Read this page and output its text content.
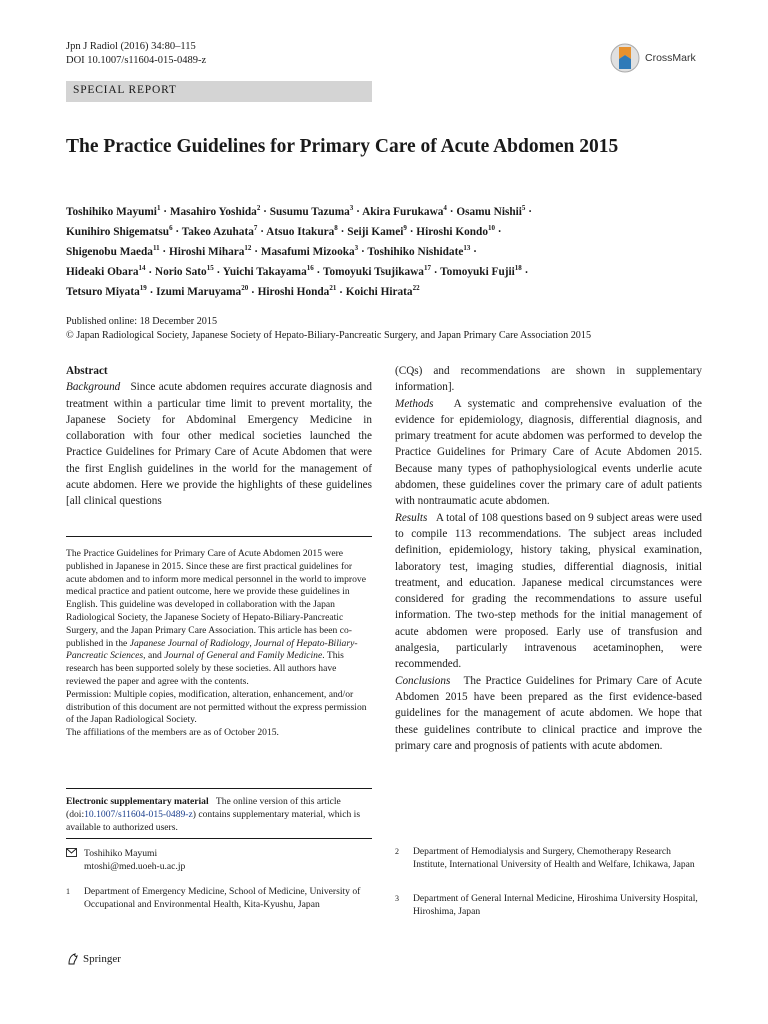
Jpn J Radiol (2016) 34:80–115
DOI 10.1007/s11604-015-0489-z	CrossMark
SPECIAL REPORT
The Practice Guidelines for Primary Care of Acute Abdomen 2015
Toshihiko Mayumi$^1$ · Masahiro Yoshida$^2$ · Susumu Tazuma$^3$ · Akira Furukawa$^4$ · Osamu Nishii$^5$ · Kunihiro Shigematsu$^6$ · Takeo Azuhata$^7$ · Atsuo Itakura$^8$ · Seiji Kamei$^9$ · Hiroshi Kondo$^{10}$ · Shigenobu Maeda$^{11}$ · Hiroshi Mihara$^{12}$ · Masafumi Mizooka$^3$ · Toshihiko Nishidate$^{13}$ · Hideaki Obara$^{14}$ · Norio Sato$^{15}$ · Yuichi Takayama$^{16}$ · Tomoyuki Tsujikawa$^{17}$ · Tomoyuki Fujii$^{18}$ · Tetsuro Miyata$^{19}$ · Izumi Maruyama$^{20}$ · Hiroshi Honda$^{21}$ · Koichi Hirata$^{22}$
Published online: 18 December 2015
© Japan Radiological Society, Japanese Society of Hepato-Biliary-Pancreatic Surgery, and Japan Primary Care Association 2015
Abstract

Background Since acute abdomen requires accurate diagnosis and treatment within a particular time limit to prevent mortality, the Japanese Society for Abdominal Emergency Medicine in collaboration with four other medical societies launched the Practice Guidelines for Primary Care of Acute Abdomen that were the first English guidelines in the world for the management of acute abdomen. Here we provide the highlights of these guidelines [all clinical questions

The Practice Guidelines for Primary Care of Acute Abdomen 2015 were published in Japanese in 2015. Since these are first practical guidelines for acute abdomen and to inform more medical personnel in the world to improve medical practice and patient outcome, here we provide these guidelines in English. This guideline was developed in collaboration with the Japan Radiological Society, the Japanese Society of Hepato-Biliary-Pancreatic Surgery, and the Japan Primary Care Association. This article has been co-published in the Japanese Journal of Radiology, Journal of Hepato-Biliary-Pancreatic Sciences, and Journal of General and Family Medicine. This research has been supported solely by these societies. All authors have reviewed the paper and agree with the contents.

Permission: Multiple copies, modification, alteration, enhancement, and/or distribution of this document are not permitted without the express permission of the Japan Radiological Society.

The affiliations of the members are as of October 2015.

Electronic supplementary material The online version of this article (doi:10.1007/s11604-015-0489-z) contains supplementary material, which is available to authorized users.
Toshihiko Mayumi
mtoshi@med.uoeh-u.ac.jp
1	Department of Emergency Medicine, School of Medicine, University of Occupational and Environmental Health, Kita-Kyushu, Japan

(CQs) and recommendations are shown in supplementary information].

Methods A systematic and comprehensive evaluation of the evidence for epidemiology, diagnosis, differential diagnosis, and primary treatment for acute abdomen was performed to develop the Practice Guidelines for Primary Care of Acute Abdomen 2015. Because many types of pathophysiological events underlie acute abdomen, these guidelines cover the primary care of adult patients with nontraumatic acute abdomen.

Results A total of 108 questions based on 9 subject areas were used to compile 113 recommendations. The subject areas included definition, epidemiology, history taking, physical examination, laboratory test, imaging studies, differential diagnosis, initial treatment, and education. Japanese medical circumstances were considered for grading the recommendations to assure useful information. The two-step methods for the initial management of acute abdomen were proposed. Early use of transfusion and analgesia, particularly intravenous acetaminophen, were recommended.

Conclusions The Practice Guidelines for Primary Care of Acute Abdomen 2015 have been prepared as the first evidence-based guidelines for the management of acute abdomen. We hope that these guidelines contribute to clinical practice and improve the primary care and prognosis of patients with acute abdomen.

2	Department of Hemodialysis and Surgery, Chemotherapy Research Institute, International University of Health and Welfare, Ichikawa, Japan
3	Department of General Internal Medicine, Hiroshima University Hospital, Hiroshima, Japan
Springer
